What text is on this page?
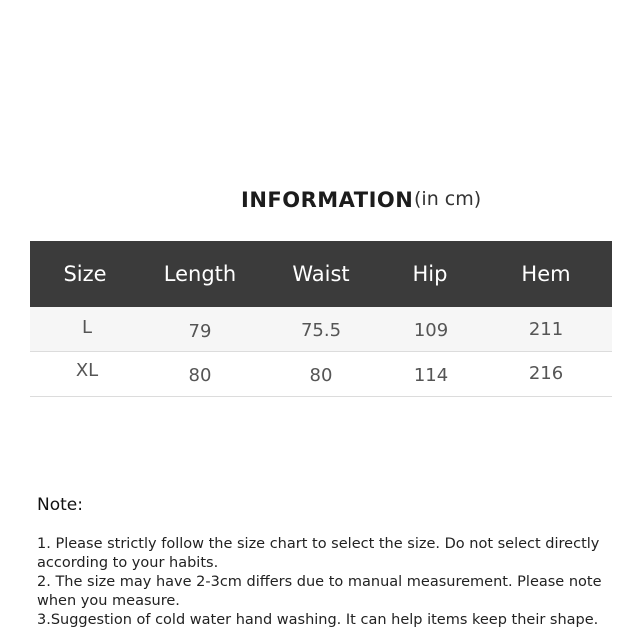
INFORMATION (in cm)
Size	Length	Waist	Hip	Hem
L	79	75.5	109	211
XL	80	80	114	216
Note:

1. Please strictly follow the size chart to select the size. Do not select directly according to your habits.

2. The size may have 2-3cm differs due to manual measurement. Please note when you measure.

3.Suggestion of cold water hand washing. It can help items keep their shape.
